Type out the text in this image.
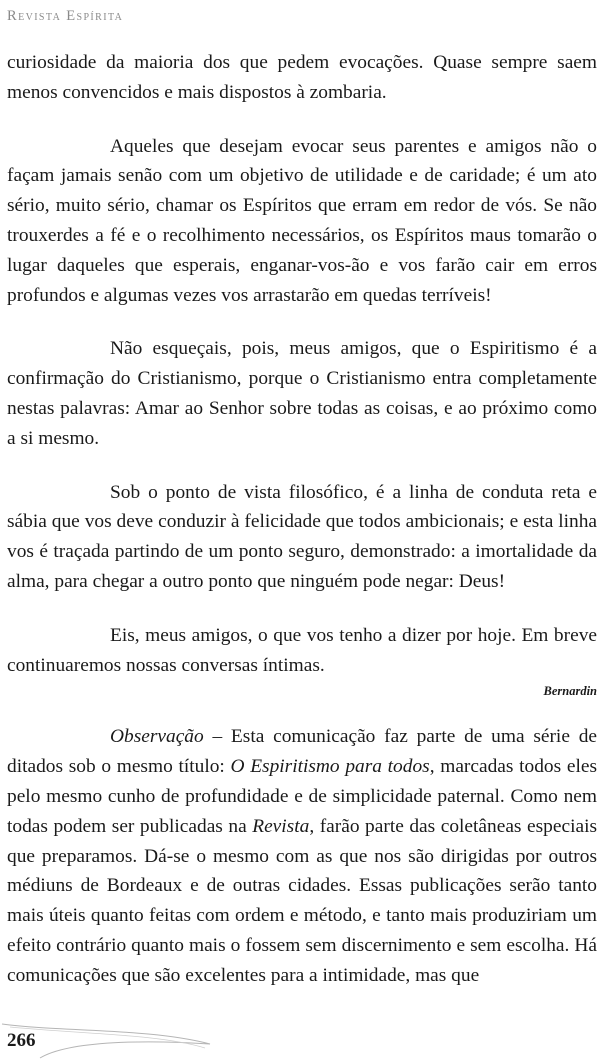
Revista Espírita

curiosidade da maioria dos que pedem evocações. Quase sempre saem menos convencidos e mais dispostos à zombaria.

Aqueles que desejam evocar seus parentes e amigos não o façam jamais senão com um objetivo de utilidade e de caridade; é um ato sério, muito sério, chamar os Espíritos que erram em redor de vós. Se não trouxerdes a fé e o recolhimento necessários, os Espíritos maus tomarão o lugar daqueles que esperais, enganar-vos-ão e vos farão cair em erros profundos e algumas vezes vos arrastarão em quedas terríveis!

Não esqueçais, pois, meus amigos, que o Espiritismo é a confirmação do Cristianismo, porque o Cristianismo entra completamente nestas palavras: Amar ao Senhor sobre todas as coisas, e ao próximo como a si mesmo.

Sob o ponto de vista filosófico, é a linha de conduta reta e sábia que vos deve conduzir à felicidade que todos ambicionais; e esta linha vos é traçada partindo de um ponto seguro, demonstrado: a imortalidade da alma, para chegar a outro ponto que ninguém pode negar: Deus!

Eis, meus amigos, o que vos tenho a dizer por hoje. Em breve continuaremos nossas conversas íntimas.

Bernardin

Observação – Esta comunicação faz parte de uma série de ditados sob o mesmo título: O Espiritismo para todos, marcadas todos eles pelo mesmo cunho de profundidade e de simplicidade paternal. Como nem todas podem ser publicadas na Revista, farão parte das coletâneas especiais que preparamos. Dá-se o mesmo com as que nos são dirigidas por outros médiuns de Bordeaux e de outras cidades. Essas publicações serão tanto mais úteis quanto feitas com ordem e método, e tanto mais produziriam um efeito contrário quanto mais o fossem sem discernimento e sem escolha. Há comunicações que são excelentes para a intimidade, mas que

266
